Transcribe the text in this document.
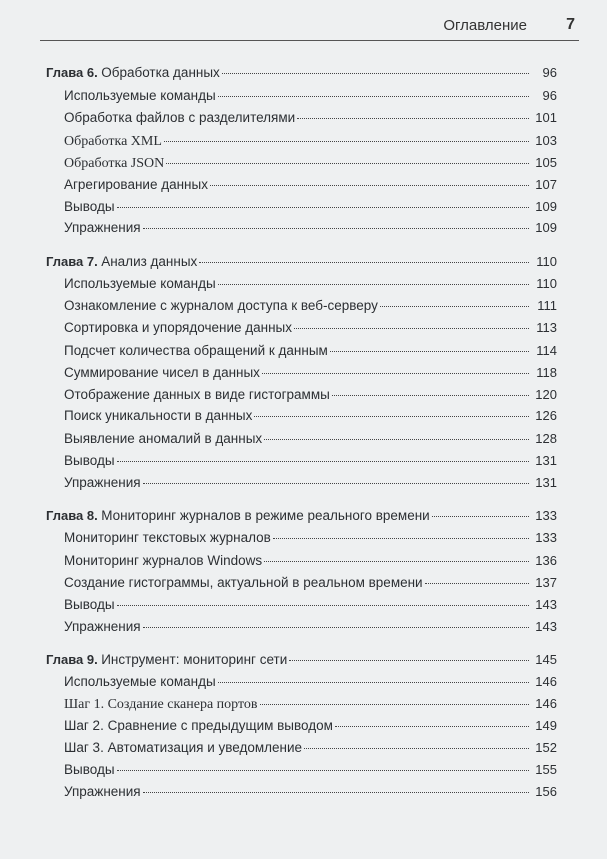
Оглавление 7
Глава 6. Обработка данных	96
Используемые команды	96
Обработка файлов с разделителями	101
Обработка XML	103
Обработка JSON	105
Агрегирование данных	107
Выводы	109
Упражнения	109
Глава 7. Анализ данных	110
Используемые команды	110
Ознакомление с журналом доступа к веб-серверу	111
Сортировка и упорядочение данных	113
Подсчет количества обращений к данным	114
Суммирование чисел в данных	118
Отображение данных в виде гистограммы	120
Поиск уникальности в данных	126
Выявление аномалий в данных	128
Выводы	131
Упражнения	131
Глава 8. Мониторинг журналов в режиме реального времени	133
Мониторинг текстовых журналов	133
Мониторинг журналов Windows	136
Создание гистограммы, актуальной в реальном времени	137
Выводы	143
Упражнения	143
Глава 9. Инструмент: мониторинг сети	145
Используемые команды	146
Шаг 1. Создание сканера портов	146
Шаг 2. Сравнение с предыдущим выводом	149
Шаг 3. Автоматизация и уведомление	152
Выводы	155
Упражнения	156
